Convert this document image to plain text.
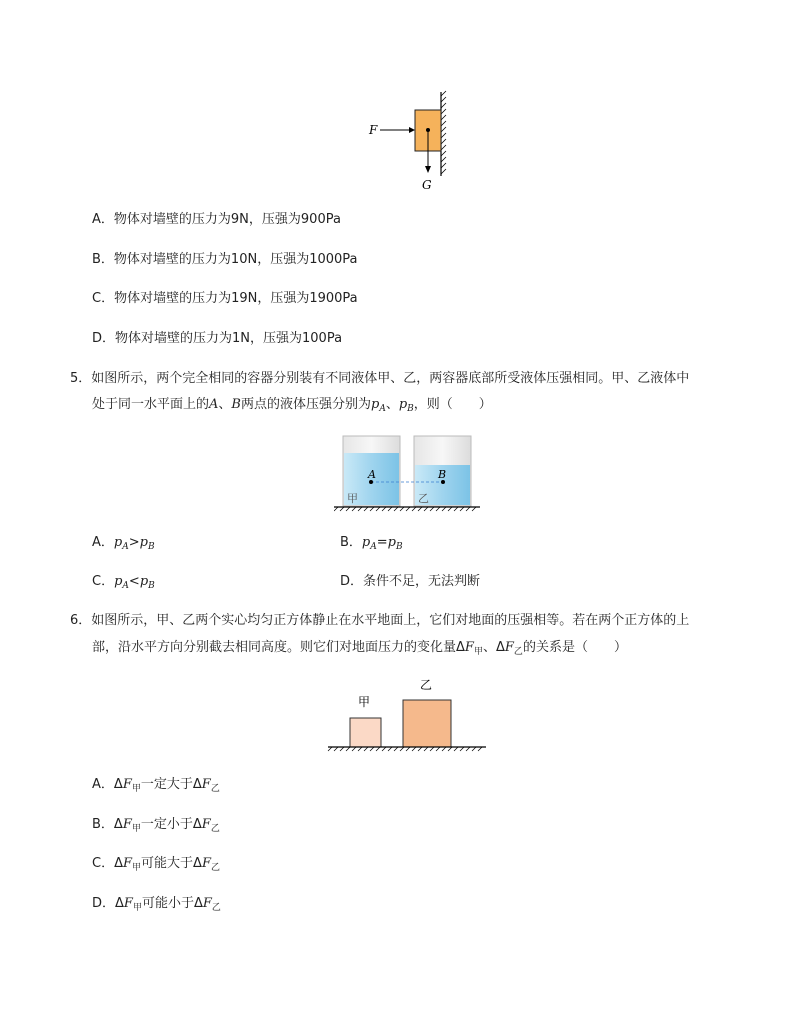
F
G
A．物体对墙壁的压力为9N，压强为900Pa
B．物体对墙壁的压力为10N，压强为1000Pa
C．物体对墙壁的压力为19N，压强为1900Pa
D．物体对墙壁的压力为1N，压强为100Pa
5．如图所示，两个完全相同的容器分别装有不同液体甲、乙，两容器底部所受液体压强相同。甲、乙液体中
处于同一水平面上的A、B两点的液体压强分别为$p_A$、$p_B$，则（　　）
A	B
甲	乙
A．$p_A>p_B$	B．$p_A=p_B$
C．$p_A<p_B$	D．条件不足，无法判断
6．如图所示，甲、乙两个实心均匀正方体静止在水平地面上，它们对地面的压强相等。若在两个正方体的上
部，沿水平方向分别截去相同高度。则它们对地面压力的变化量$\Delta F_甲$、$\Delta F_乙$的关系是（　　）
甲
乙
A．$\Delta F_甲$一定大于$\Delta F_乙$
B．$\Delta F_甲$一定小于$\Delta F_乙$
C．$\Delta F_甲$可能大于$\Delta F_乙$
D．$\Delta F_甲$可能小于$\Delta F_乙$
